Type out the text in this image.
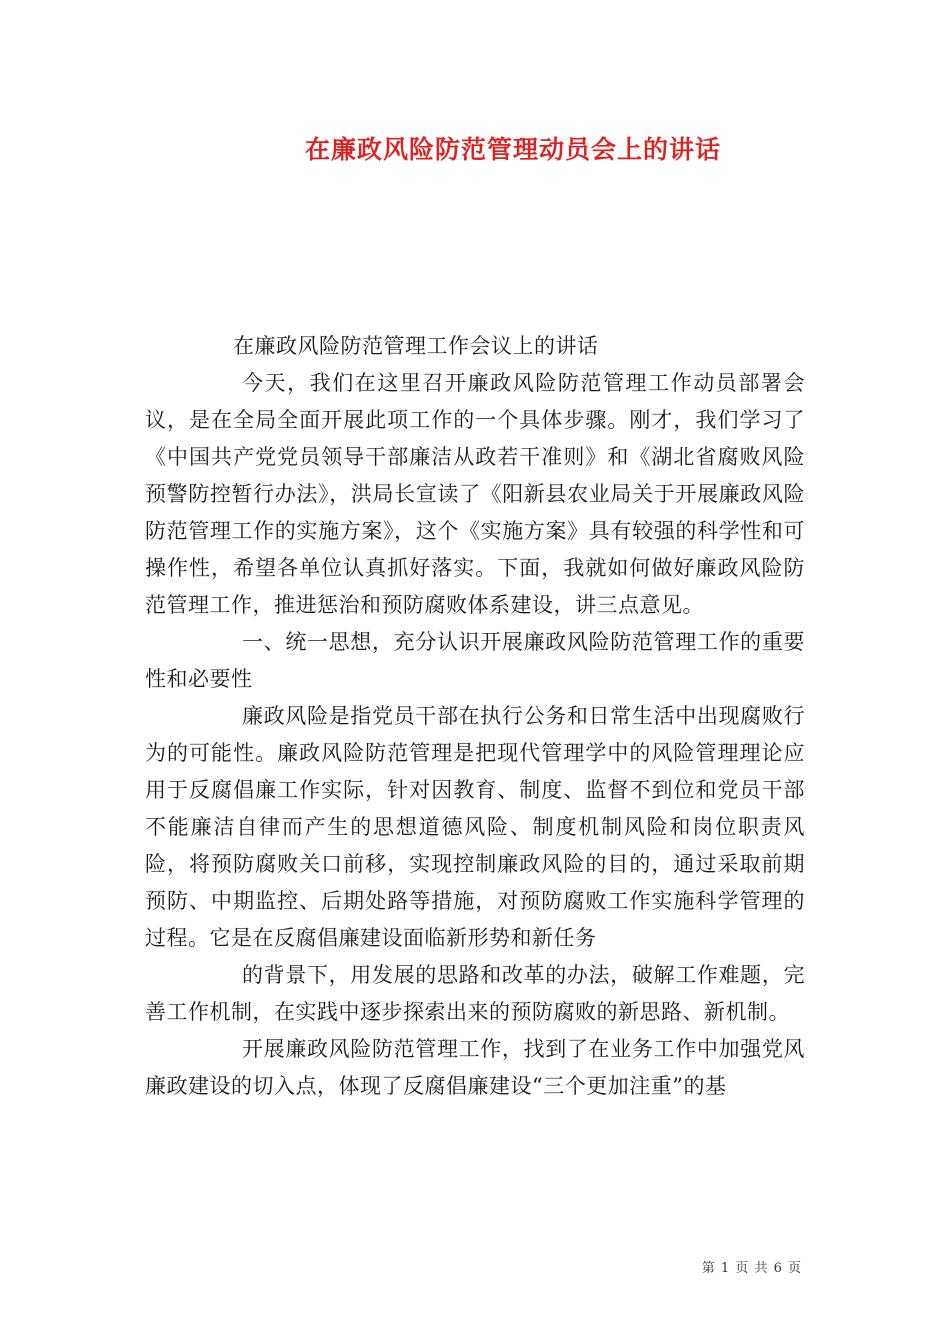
在廉政风险防范管理动员会上的讲话

在廉政风险防范管理工作会议上的讲话

今天，我们在这里召开廉政风险防范管理工作动员部署会议，是在全局全面开展此项工作的一个具体步骤。刚才，我们学习了《中国共产党党员领导干部廉洁从政若干准则》和《湖北省腐败风险预警防控暂行办法》，洪局长宣读了《阳新县农业局关于开展廉政风险防范管理工作的实施方案》，这个《实施方案》具有较强的科学性和可操作性，希望各单位认真抓好落实。下面，我就如何做好廉政风险防范管理工作，推进惩治和预防腐败体系建设，讲三点意见。

一、统一思想，充分认识开展廉政风险防范管理工作的重要性和必要性

廉政风险是指党员干部在执行公务和日常生活中出现腐败行为的可能性。廉政风险防范管理是把现代管理学中的风险管理理论应用于反腐倡廉工作实际，针对因教育、制度、监督不到位和党员干部不能廉洁自律而产生的思想道德风险、制度机制风险和岗位职责风险，将预防腐败关口前移，实现控制廉政风险的目的，通过采取前期预防、中期监控、后期处路等措施，对预防腐败工作实施科学管理的过程。它是在反腐倡廉建设面临新形势和新任务

的背景下，用发展的思路和改革的办法，破解工作难题，完善工作机制，在实践中逐步探索出来的预防腐败的新思路、新机制。

开展廉政风险防范管理工作，找到了在业务工作中加强党风廉政建设的切入点，体现了反腐倡廉建设“三个更加注重”的基

第 1 页 共 6 页
